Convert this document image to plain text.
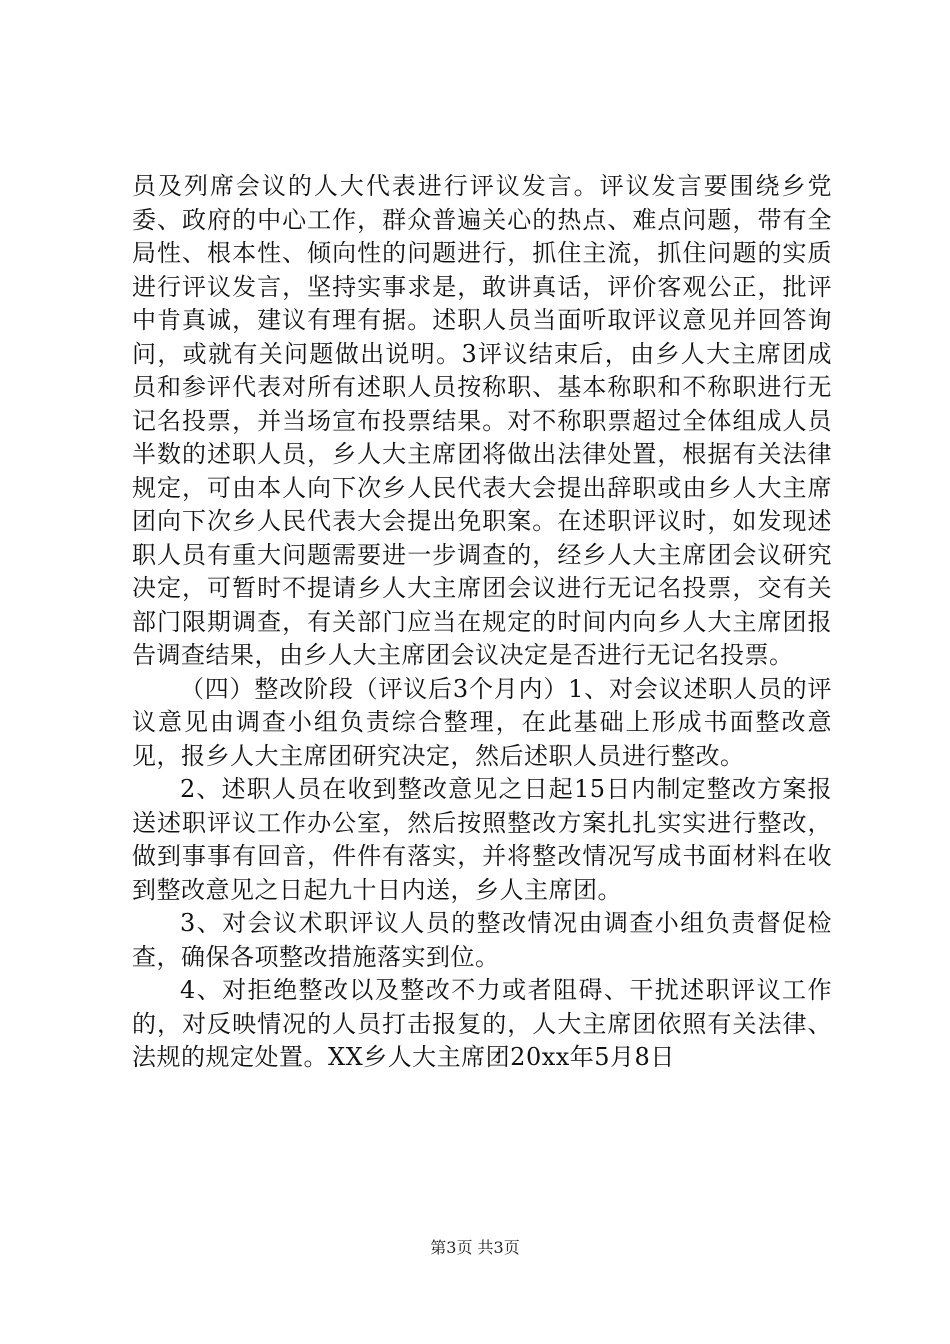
员及列席会议的人大代表进行评议发言。评议发言要围绕乡党委、政府的中心工作，群众普遍关心的热点、难点问题，带有全局性、根本性、倾向性的问题进行，抓住主流，抓住问题的实质进行评议发言，坚持实事求是，敢讲真话，评价客观公正，批评中肯真诚，建议有理有据。述职人员当面听取评议意见并回答询问，或就有关问题做出说明。3评议结束后，由乡人大主席团成员和参评代表对所有述职人员按称职、基本称职和不称职进行无记名投票，并当场宣布投票结果。对不称职票超过全体组成人员半数的述职人员，乡人大主席团将做出法律处置，根据有关法律规定，可由本人向下次乡人民代表大会提出辞职或由乡人大主席团向下次乡人民代表大会提出免职案。在述职评议时，如发现述职人员有重大问题需要进一步调查的，经乡人大主席团会议研究决定，可暂时不提请乡人大主席团会议进行无记名投票，交有关部门限期调查，有关部门应当在规定的时间内向乡人大主席团报告调查结果，由乡人大主席团会议决定是否进行无记名投票。

（四）整改阶段（评议后3个月内）1、对会议述职人员的评议意见由调查小组负责综合整理，在此基础上形成书面整改意见，报乡人大主席团研究决定，然后述职人员进行整改。

2、述职人员在收到整改意见之日起15日内制定整改方案报送述职评议工作办公室，然后按照整改方案扎扎实实进行整改，做到事事有回音，件件有落实，并将整改情况写成书面材料在收到整改意见之日起九十日内送，乡人主席团。

3、对会议术职评议人员的整改情况由调查小组负责督促检查，确保各项整改措施落实到位。

4、对拒绝整改以及整改不力或者阻碍、干扰述职评议工作的，对反映情况的人员打击报复的，人大主席团依照有关法律、法规的规定处置。XX乡人大主席团20xx年5月8日

第3页 共3页
